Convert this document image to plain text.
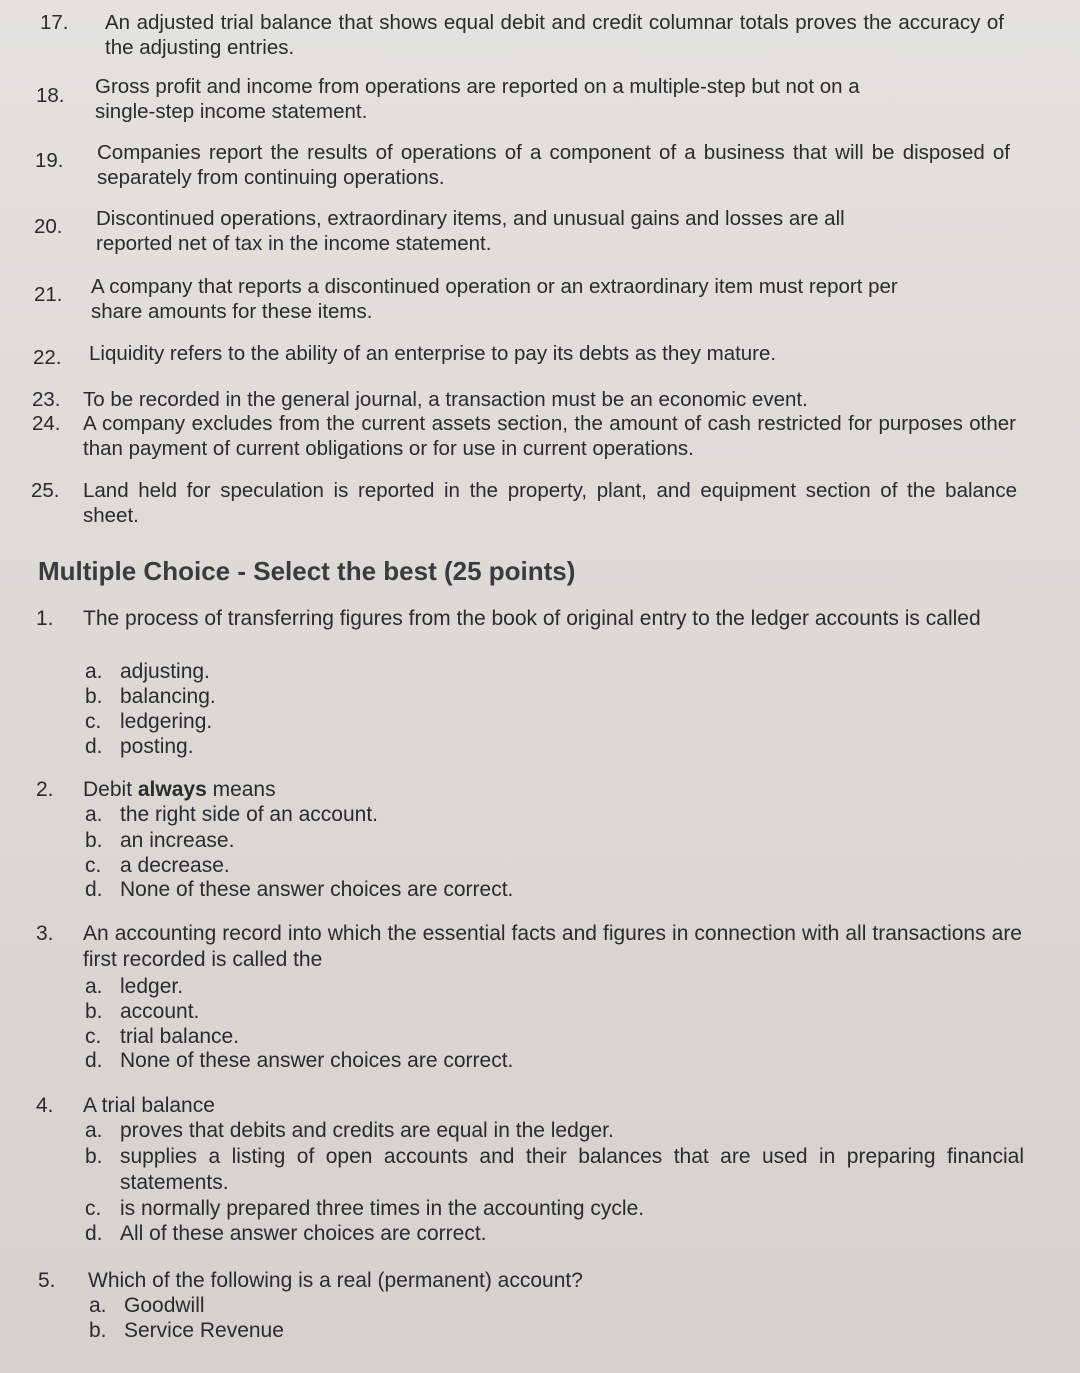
17. An adjusted trial balance that shows equal debit and credit columnar totals proves the accuracy of the adjusting entries.
18. Gross profit and income from operations are reported on a multiple-step but not on a single-step income statement.
19. Companies report the results of operations of a component of a business that will be disposed of separately from continuing operations.
20. Discontinued operations, extraordinary items, and unusual gains and losses are all reported net of tax in the income statement.
21. A company that reports a discontinued operation or an extraordinary item must report per share amounts for these items.
22. Liquidity refers to the ability of an enterprise to pay its debts as they mature.
23. To be recorded in the general journal, a transaction must be an economic event.
24. A company excludes from the current assets section, the amount of cash restricted for purposes other than payment of current obligations or for use in current operations.
25. Land held for speculation is reported in the property, plant, and equipment section of the balance sheet.
Multiple Choice - Select the best (25 points)
1. The process of transferring figures from the book of original entry to the ledger accounts is called
a. adjusting.
b. balancing.
c. ledgering.
d. posting.
2. Debit always means
a. the right side of an account.
b. an increase.
c. a decrease.
d. None of these answer choices are correct.
3. An accounting record into which the essential facts and figures in connection with all transactions are first recorded is called the
a. ledger.
b. account.
c. trial balance.
d. None of these answer choices are correct.
4. A trial balance
a. proves that debits and credits are equal in the ledger.
b. supplies a listing of open accounts and their balances that are used in preparing financial statements.
c. is normally prepared three times in the accounting cycle.
d. All of these answer choices are correct.
5. Which of the following is a real (permanent) account?
a. Goodwill
b. Service Revenue
